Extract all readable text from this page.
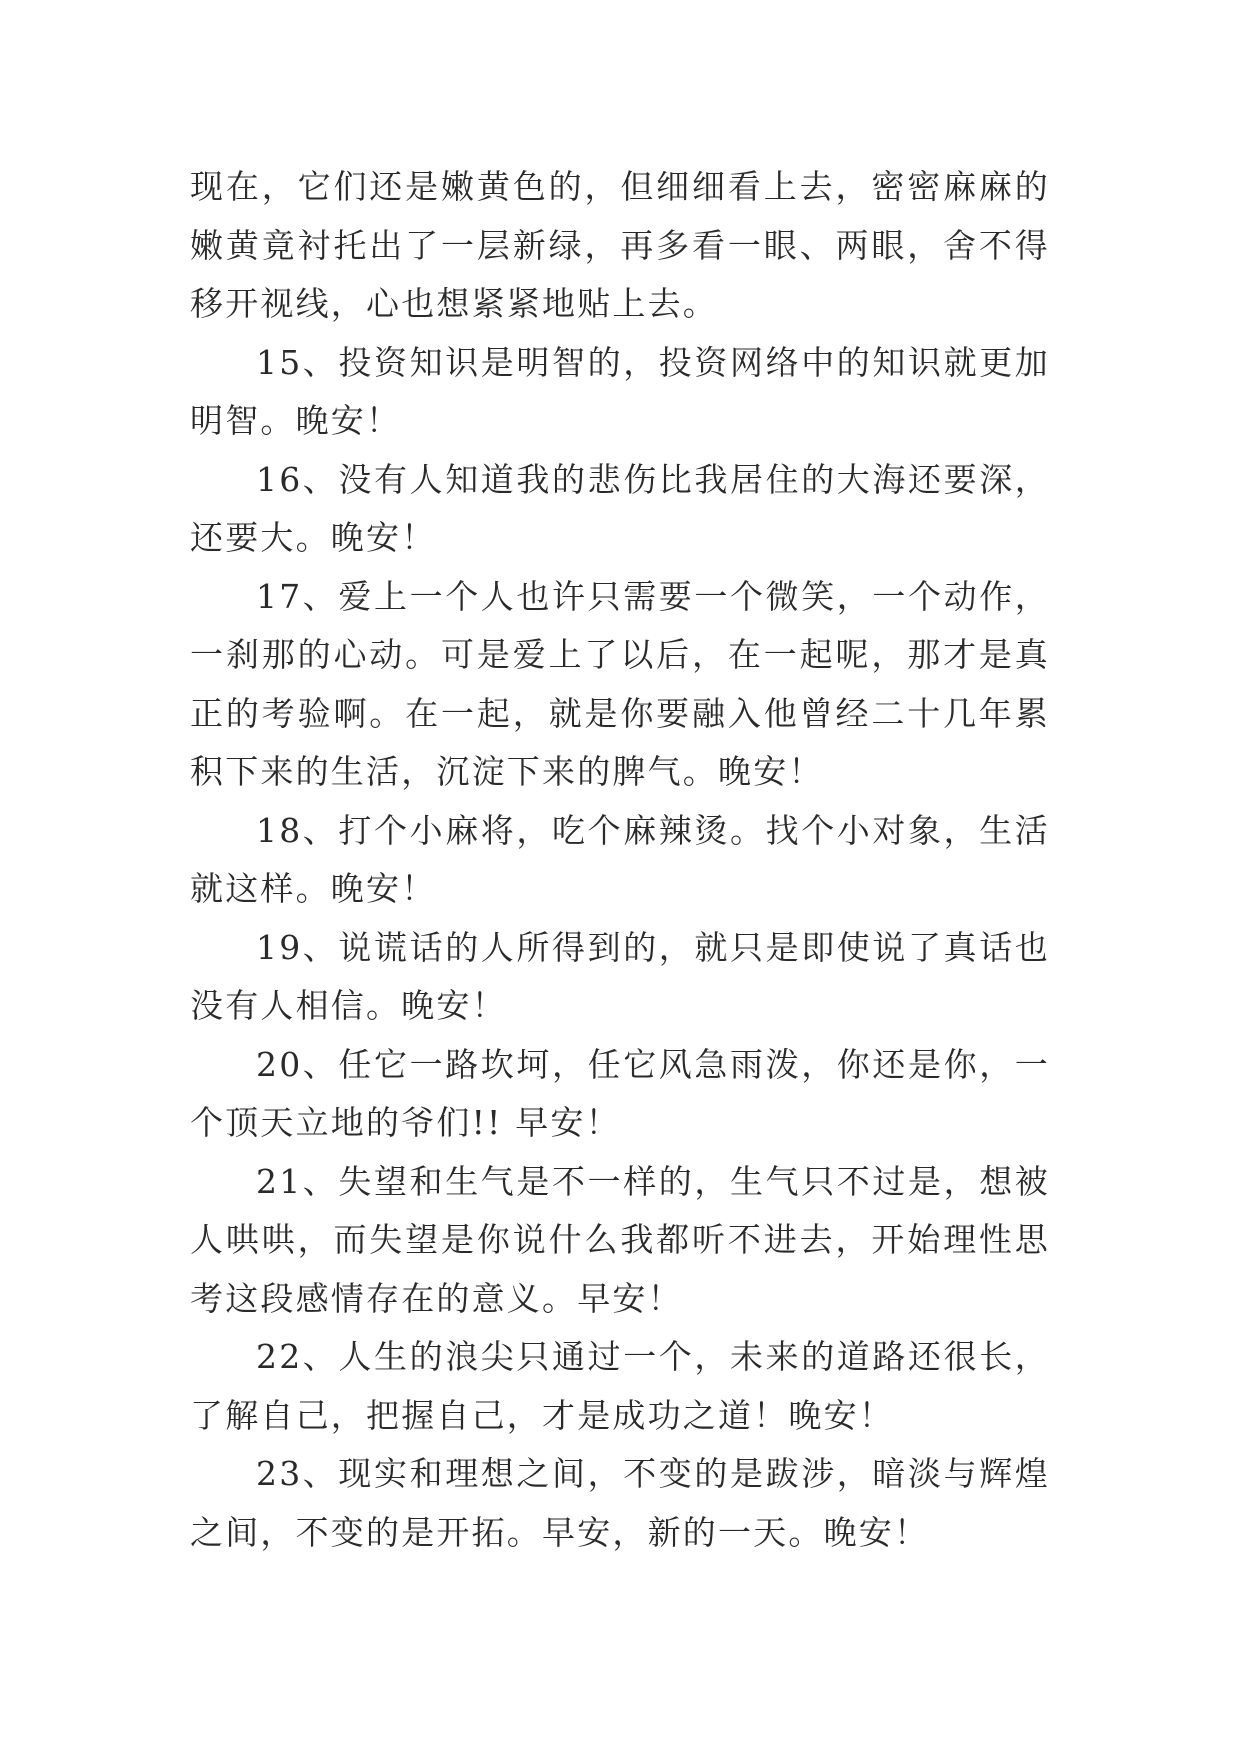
现在，它们还是嫩黄色的，但细细看上去，密密麻麻的嫩黄竟衬托出了一层新绿，再多看一眼、两眼，舍不得移开视线，心也想紧紧地贴上去。

15、投资知识是明智的，投资网络中的知识就更加明智。晚安！

16、没有人知道我的悲伤比我居住的大海还要深，还要大。晚安！

17、爱上一个人也许只需要一个微笑，一个动作，一刹那的心动。可是爱上了以后，在一起呢，那才是真正的考验啊。在一起，就是你要融入他曾经二十几年累积下来的生活，沉淀下来的脾气。晚安！

18、打个小麻将，吃个麻辣烫。找个小对象，生活就这样。晚安！

19、说谎话的人所得到的，就只是即使说了真话也没有人相信。晚安！

20、任它一路坎坷，任它风急雨泼，你还是你，一个顶天立地的爷们!! 早安！

21、失望和生气是不一样的，生气只不过是，想被人哄哄，而失望是你说什么我都听不进去，开始理性思考这段感情存在的意义。早安！

22、人生的浪尖只通过一个，未来的道路还很长，了解自己，把握自己，才是成功之道！晚安！

23、现实和理想之间，不变的是跋涉，暗淡与辉煌之间，不变的是开拓。早安，新的一天。晚安！
